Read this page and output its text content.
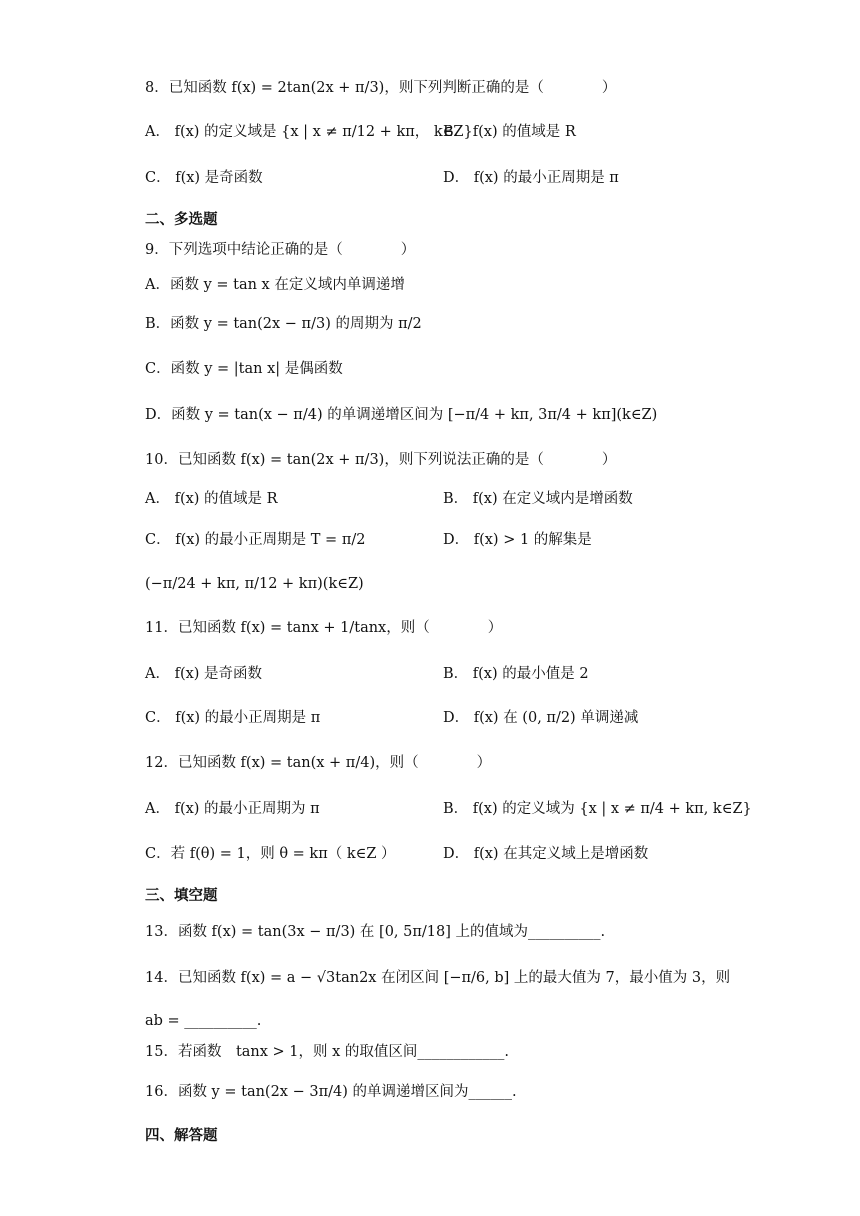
8．已知函数 f(x) = 2tan(2x + π/3)，则下列判断正确的是（　　　　）
A． f(x) 的定义域是 {x | x ≠ π/12 + kπ， k∈Z}
B． f(x) 的值域是 R
C． f(x) 是奇函数	D． f(x) 的最小正周期是 π
二、多选题
9．下列选项中结论正确的是（　　　　）
A．函数 y = tan x 在定义域内单调递增
B．函数 y = tan(2x − π/3) 的周期为 π/2
C．函数 y = |tan x| 是偶函数
D．函数 y = tan(x − π/4) 的单调递增区间为 [−π/4 + kπ, 3π/4 + kπ](k∈Z)
10．已知函数 f(x) = tan(2x + π/3)，则下列说法正确的是（　　　　）
A． f(x) 的值域是 R	B． f(x) 在定义域内是增函数
C． f(x) 的最小正周期是 T = π/2	D． f(x) > 1 的解集是
(−π/24 + kπ, π/12 + kπ)(k∈Z)
11．已知函数 f(x) = tanx + 1/tanx，则（　　　　）
A． f(x) 是奇函数	B． f(x) 的最小值是 2
C． f(x) 的最小正周期是 π	D． f(x) 在 (0, π/2) 单调递减
12．已知函数 f(x) = tan(x + π/4)，则（　　　　）
A． f(x) 的最小正周期为 π	B． f(x) 的定义域为 {x | x ≠ π/4 + kπ, k∈Z}
C．若 f(θ) = 1，则 θ = kπ（ k∈Z ）	D． f(x) 在其定义域上是增函数
三、填空题
13．函数 f(x) = tan(3x − π/3) 在 [0, 5π/18] 上的值域为__________.
14．已知函数 f(x) = a − √3tan2x 在闭区间 [−π/6, b] 上的最大值为 7，最小值为 3，则
ab = __________.
15．若函数　tanx > 1，则 x 的取值区间____________.
16．函数 y = tan(2x − 3π/4) 的单调递增区间为______.
四、解答题
